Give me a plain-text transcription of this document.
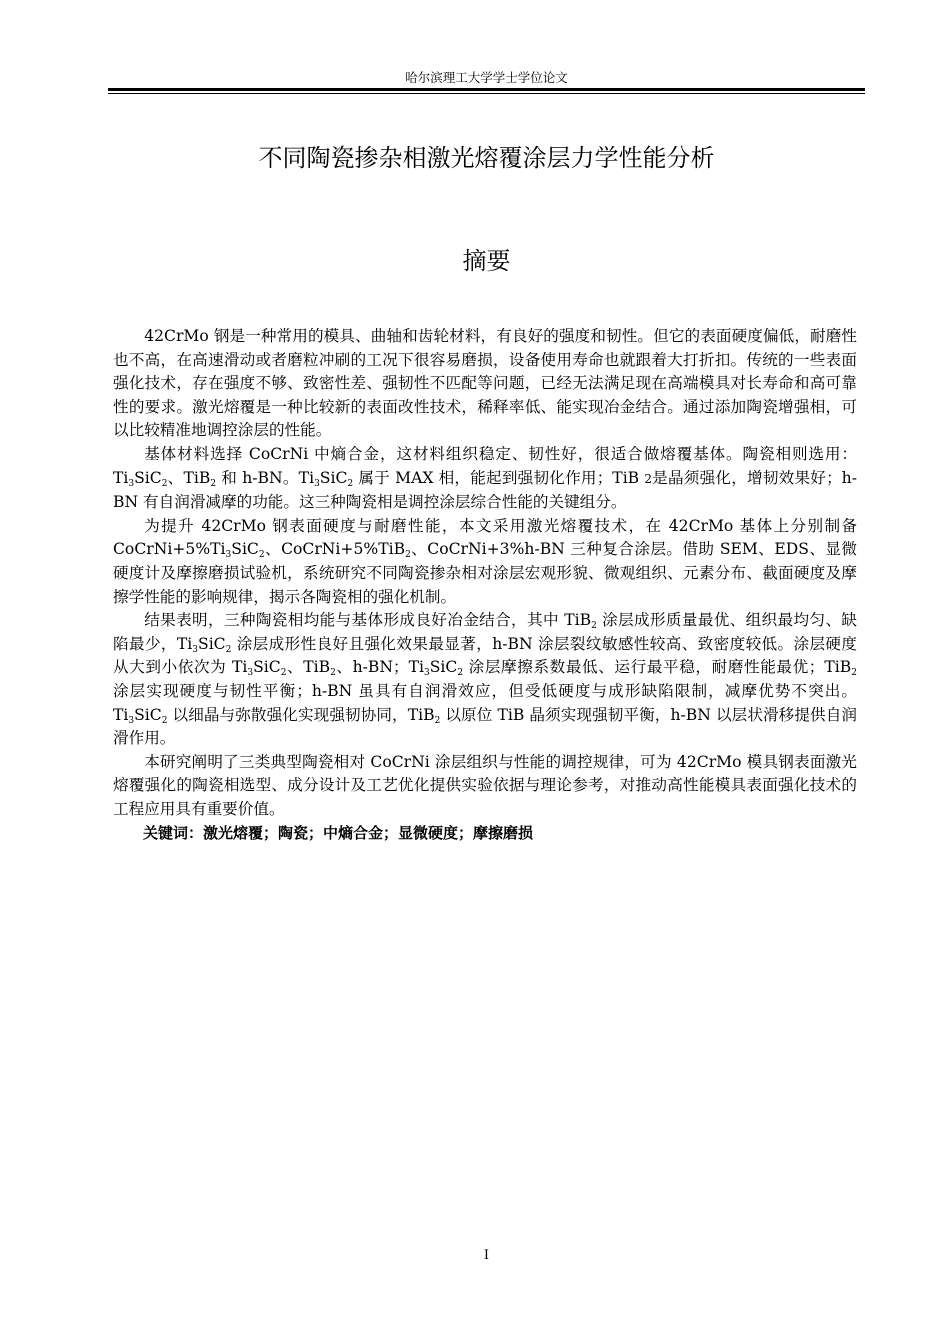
哈尔滨理工大学学士学位论文
不同陶瓷掺杂相激光熔覆涂层力学性能分析
摘要

42CrMo 钢是一种常用的模具、曲轴和齿轮材料，有良好的强度和韧性。但它的表面硬度偏低，耐磨性也不高，在高速滑动或者磨粒冲刷的工况下很容易磨损，设备使用寿命也就跟着大打折扣。传统的一些表面强化技术，存在强度不够、致密性差、强韧性不匹配等问题，已经无法满足现在高端模具对长寿命和高可靠性的要求。激光熔覆是一种比较新的表面改性技术，稀释率低、能实现冶金结合。通过添加陶瓷增强相，可以比较精准地调控涂层的性能。

基体材料选择 CoCrNi 中熵合金，这材料组织稳定、韧性好，很适合做熔覆基体。陶瓷相则选用：$Ti_3SiC_2$、TiB$_2$ 和 h-BN。$Ti_3SiC_2$ 属于 MAX 相，能起到强韧化作用；TiB 2是晶须强化，增韧效果好；h-BN 有自润滑减摩的功能。这三种陶瓷相是调控涂层综合性能的关键组分。

为提升 42CrMo 钢表面硬度与耐磨性能，本文采用激光熔覆技术，在 42CrMo 基体上分别制备 $CoCrNi+5\%Ti_3SiC_2$、CoCrNi+5%TiB$_2$、CoCrNi+3%h-BN 三种复合涂层。借助 SEM、EDS、显微硬度计及摩擦磨损试验机，系统研究不同陶瓷掺杂相对涂层宏观形貌、微观组织、元素分布、截面硬度及摩擦学性能的影响规律，揭示各陶瓷相的强化机制。

结果表明，三种陶瓷相均能与基体形成良好冶金结合，其中 TiB$_2$ 涂层成形质量最优、组织最均匀、缺陷最少，$Ti_3SiC_2$ 涂层成形性良好且强化效果最显著，h-BN 涂层裂纹敏感性较高、致密度较低。涂层硬度从大到小依次为 $Ti_3SiC_2$、TiB$_2$、h-BN；$Ti_3SiC_2$ 涂层摩擦系数最低、运行最平稳，耐磨性能最优；TiB$_2$ 涂层实现硬度与韧性平衡；h-BN 虽具有自润滑效应，但受低硬度与成形缺陷限制，减摩优势不突出。$Ti_3SiC_2$ 以细晶与弥散强化实现强韧协同，TiB$_2$ 以原位 TiB 晶须实现强韧平衡，h-BN 以层状滑移提供自润滑作用。

本研究阐明了三类典型陶瓷相对 CoCrNi 涂层组织与性能的调控规律，可为 42CrMo 模具钢表面激光熔覆强化的陶瓷相选型、成分设计及工艺优化提供实验依据与理论参考，对推动高性能模具表面强化技术的工程应用具有重要价值。

关键词：激光熔覆；陶瓷；中熵合金；显微硬度；摩擦磨损

I
